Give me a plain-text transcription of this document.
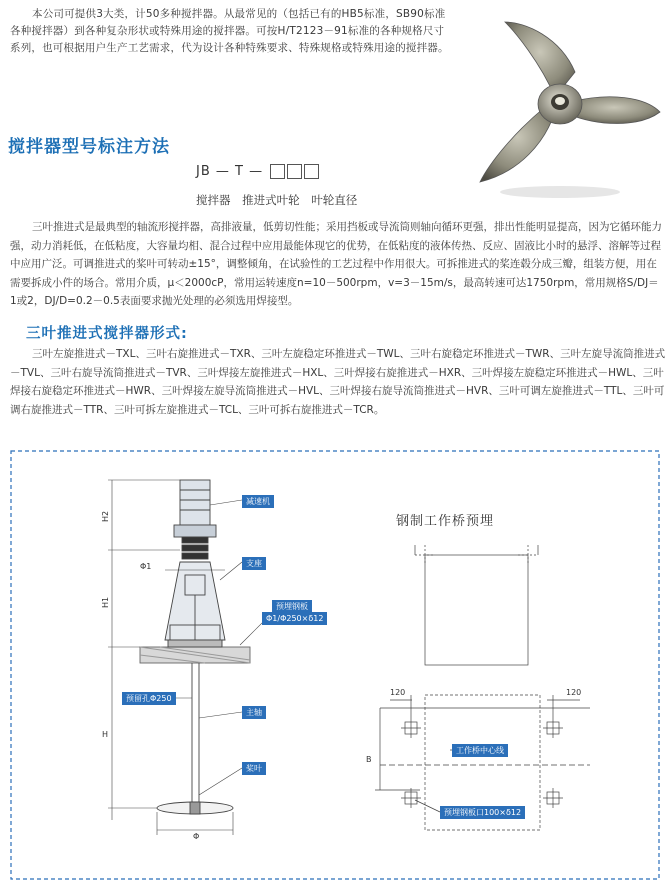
本公司可提供3大类，计50多种搅拌器。从最常见的（包括已有的HB5标准，SB90标准各种搅拌器）到各种复杂形状或特殊用途的搅拌器。可按H/T2123－91标准的各种规格尺寸系列，也可根据用户生产工艺需求，代为设计各种特殊要求、特殊规格或特殊用途的搅拌器。

搅拌器型号标注方法
JB — T —
搅拌器 推进式叶轮 叶轮直径

三叶推进式是最典型的轴流形搅拌器，高排液量，低剪切性能；采用挡板或导流筒则轴向循环更强，排出性能明显提高，因为它循环能力强，动力消耗低，在低粘度，大容量均相、混合过程中应用最能体现它的优势，在低粘度的液体传热、反应、固液比小时的悬浮、溶解等过程中应用广泛。可调推进式的桨叶可转动±15°，调整倾角，在试验性的工艺过程中作用很大。可拆推进式的桨连毂分成三瓣，组装方便，用在需要拆成小件的场合。常用介质，μ＜2000cP，常用运转速度n=10－500rpm，v=3－15m/s，最高转速可达1750rpm，常用规格S/DJ＝1或2，DJ/D=0.2－0.5表面要求抛光处理的必须选用焊接型。

三叶推进式搅拌器形式:

三叶左旋推进式－TXL、三叶右旋推进式－TXR、三叶左旋稳定环推进式－TWL、三叶右旋稳定环推进式－TWR、三叶左旋导流筒推进式－TVL、三叶右旋导流筒推进式－TVR、三叶焊接左旋推进式－HXL、三叶焊接右旋推进式－HXR、三叶焊接左旋稳定环推进式－HWL、三叶焊接右旋稳定环推进式－HWR、三叶焊接左旋导流筒推进式－HVL、三叶焊接右旋导流筒推进式－HVR、三叶可调左旋推进式－TTL、三叶可调右旋推进式－TTR、三叶可拆左旋推进式－TCL、三叶可拆右旋推进式－TCR。

减速机
支座
预埋钢板
Φ1/Φ250×δ12
预留孔Φ250
主轴
桨叶
H2
Φ1
H1
H
Φ
钢制工作桥预埋
120	120
B
工作桥中心线
预埋钢板口100×δ12
